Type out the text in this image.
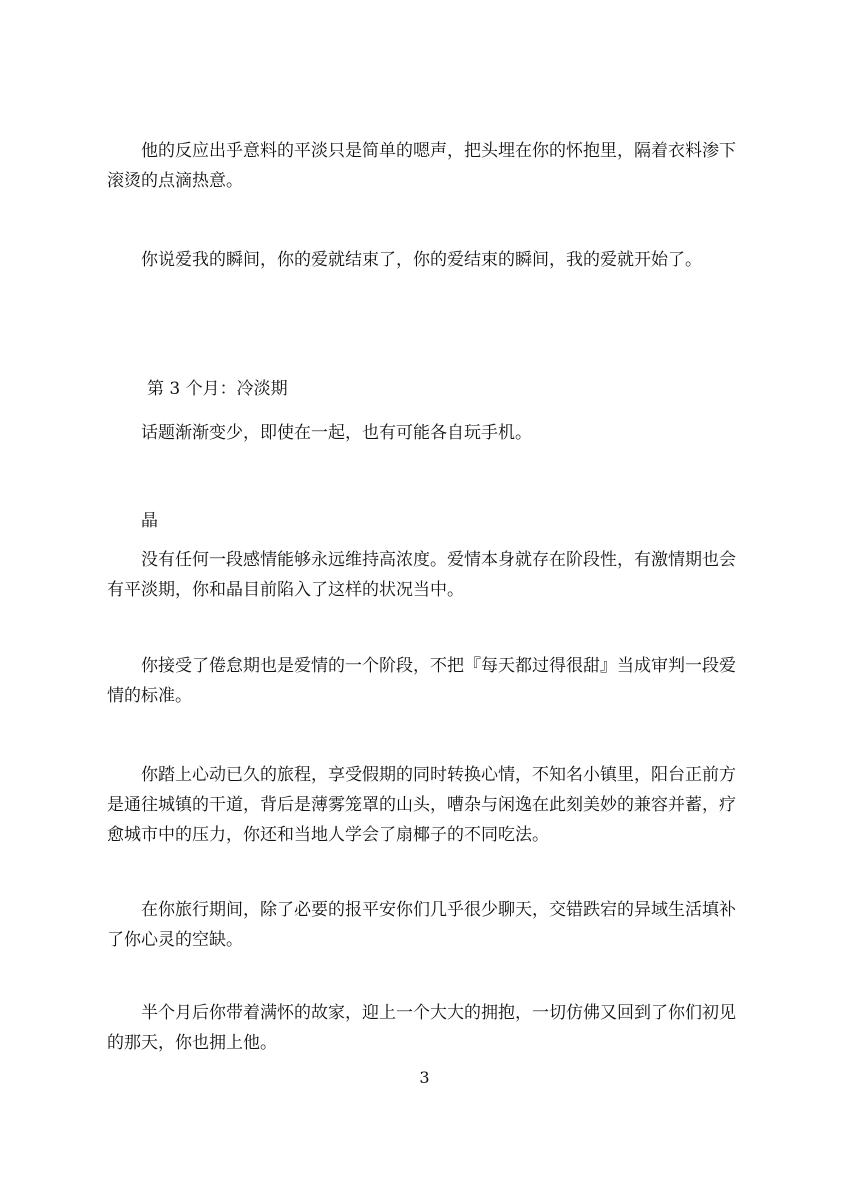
他的反应出乎意料的平淡只是简单的嗯声，把头埋在你的怀抱里，隔着衣料渗下滚烫的点滴热意。

你说爱我的瞬间，你的爱就结束了，你的爱结束的瞬间，我的爱就开始了。

第 3 个月：冷淡期

话题渐渐变少，即使在一起，也有可能各自玩手机。

晶

没有任何一段感情能够永远维持高浓度。爱情本身就存在阶段性，有激情期也会有平淡期，你和晶目前陷入了这样的状况当中。

你接受了倦怠期也是爱情的一个阶段，不把『每天都过得很甜』当成审判一段爱情的标准。

你踏上心动已久的旅程，享受假期的同时转换心情，不知名小镇里，阳台正前方是通往城镇的干道，背后是薄雾笼罩的山头，嘈杂与闲逸在此刻美妙的兼容并蓄，疗愈城市中的压力，你还和当地人学会了扇椰子的不同吃法。

在你旅行期间，除了必要的报平安你们几乎很少聊天，交错跌宕的异域生活填补了你心灵的空缺。

半个月后你带着满怀的故家，迎上一个大大的拥抱，一切仿佛又回到了你们初见的那天，你也拥上他。

3
